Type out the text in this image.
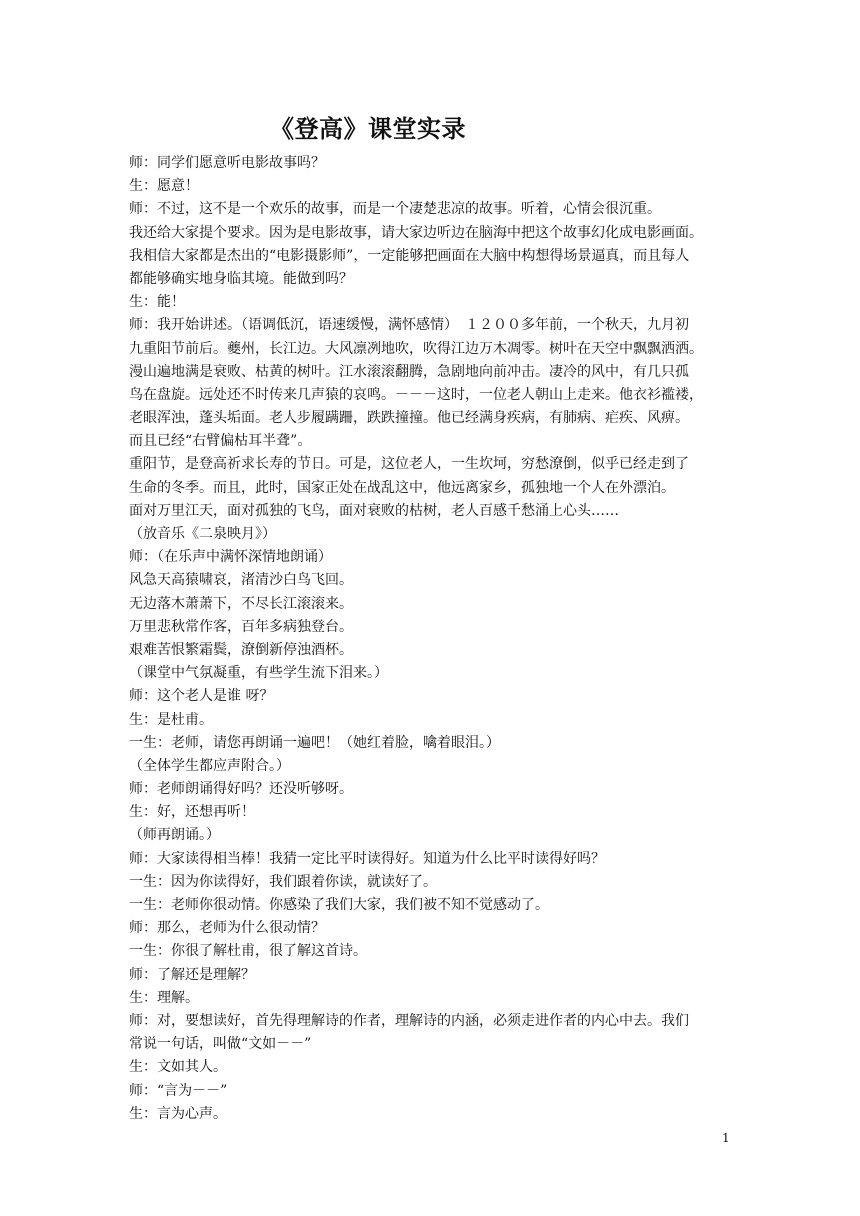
《登高》课堂实录
师：同学们愿意听电影故事吗？
生：愿意！
师：不过，这不是一个欢乐的故事，而是一个凄楚悲凉的故事。听着，心情会很沉重。
我还给大家提个要求。因为是电影故事，请大家边听边在脑海中把这个故事幻化成电影画面。
我相信大家都是杰出的“电影摄影师”，一定能够把画面在大脑中构想得场景逼真，而且每人
都能够确实地身临其境。能做到吗？
生：能！
师：我开始讲述。（语调低沉，语速缓慢，满怀感情）　１２００多年前，一个秋天，九月初
九重阳节前后。夔州，长江边。大风凛冽地吹，吹得江边万木凋零。树叶在天空中飘飘洒洒。
漫山遍地满是衰败、枯黄的树叶。江水滚滚翻腾，急剧地向前冲击。凄冷的风中，有几只孤
鸟在盘旋。远处还不时传来几声猿的哀鸣。－－－这时，一位老人朝山上走来。他衣衫褴褛，
老眼浑浊，蓬头垢面。老人步履蹒跚，跌跌撞撞。他已经满身疾病，有肺病、疟疾、风痹。
而且已经“右臂偏枯耳半聋”。
重阳节，是登高祈求长寿的节日。可是，这位老人，一生坎坷，穷愁潦倒，似乎已经走到了
生命的冬季。而且，此时，国家正处在战乱这中，他远离家乡，孤独地一个人在外漂泊。
面对万里江天，面对孤独的飞鸟，面对衰败的枯树，老人百感千愁涌上心头……
（放音乐《二泉映月》）
师：（在乐声中满怀深情地朗诵）
风急天高猿啸哀，渚清沙白鸟飞回。
无边落木萧萧下，不尽长江滚滚来。
万里悲秋常作客，百年多病独登台。
艰难苦恨繁霜鬓，潦倒新停浊酒杯。
（课堂中气氛凝重，有些学生流下泪来。）
师：这个老人是谁 呀？
生：是杜甫。
一生：老师，请您再朗诵一遍吧！（她红着脸，噙着眼泪。）
（全体学生都应声附合。）
师：老师朗诵得好吗？还没听够呀。
生：好，还想再听！
（师再朗诵。）
师：大家读得相当棒！我猜一定比平时读得好。知道为什么比平时读得好吗？
一生：因为你读得好，我们跟着你读，就读好了。
一生：老师你很动情。你感染了我们大家，我们被不知不觉感动了。
师：那么，老师为什么很动情？
一生：你很了解杜甫，很了解这首诗。
师：了解还是理解？
生：理解。
师：对，要想读好，首先得理解诗的作者，理解诗的内涵，必须走进作者的内心中去。我们
常说一句话，叫做“文如－－”
生：文如其人。
师：“言为－－”
生：言为心声。
1
